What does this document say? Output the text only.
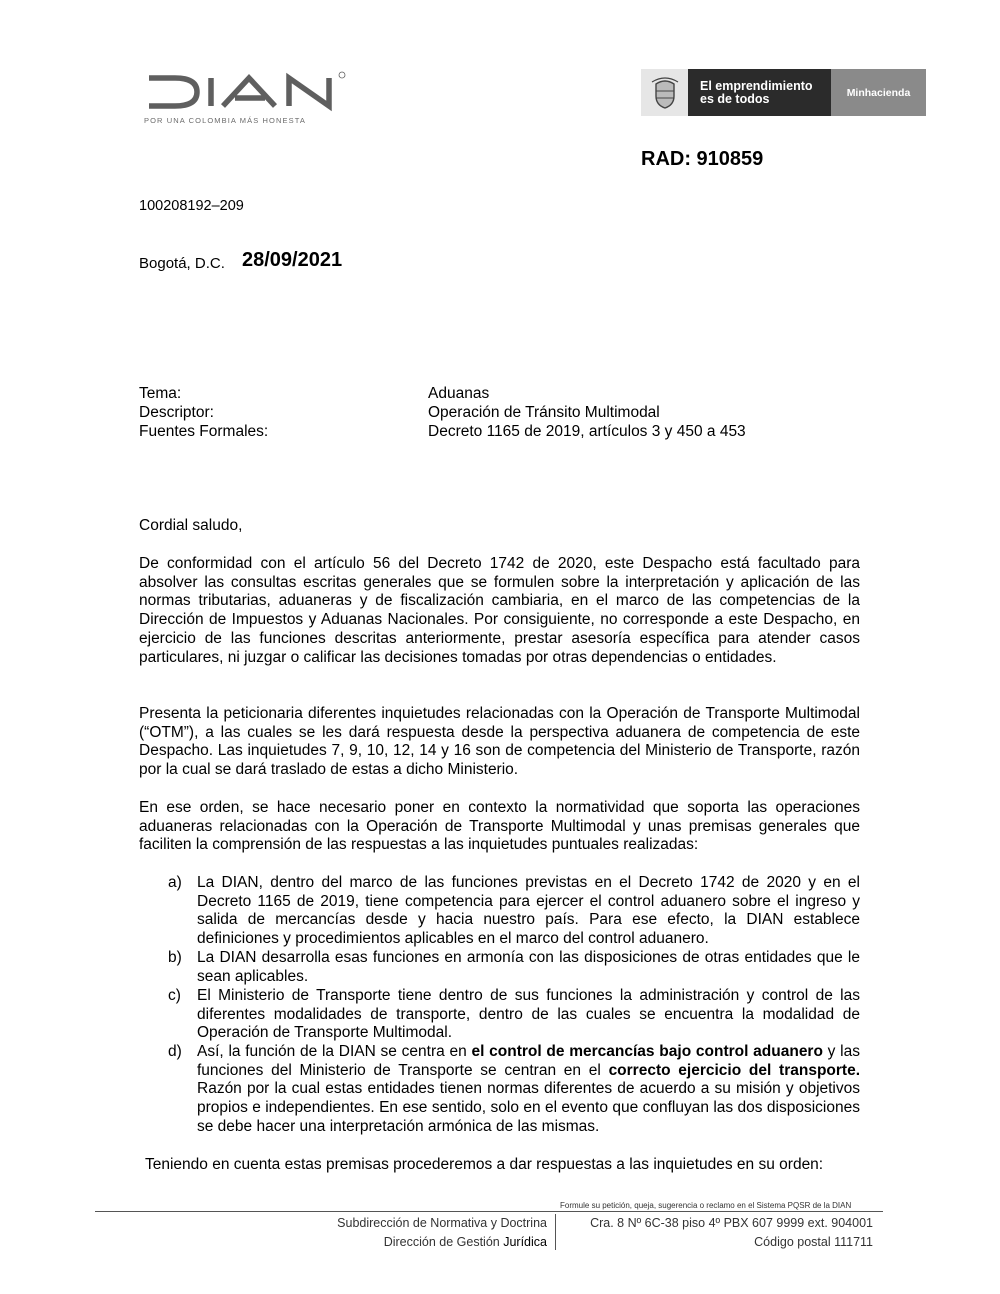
POR UNA COLOMBIA MÁS HONESTA
El emprendimiento
es de todos	Minhacienda
RAD: 910859
100208192–209
Bogotá, D.C. 28/09/2021
Tema:	Aduanas
Descriptor:	Operación de Tránsito Multimodal
Fuentes Formales:	Decreto 1165 de 2019, artículos 3 y 450 a 453
Cordial saludo,
De conformidad con el artículo 56 del Decreto 1742 de 2020, este Despacho está facultado para absolver las consultas escritas generales que se formulen sobre la interpretación y aplicación de las normas tributarias, aduaneras y de fiscalización cambiaria, en el marco de las competencias de la Dirección de Impuestos y Aduanas Nacionales. Por consiguiente, no corresponde a este Despacho, en ejercicio de las funciones descritas anteriormente, prestar asesoría específica para atender casos particulares, ni juzgar o calificar las decisiones tomadas por otras dependencias o entidades.
Presenta la peticionaria diferentes inquietudes relacionadas con la Operación de Transporte Multimodal (“OTM”), a las cuales se les dará respuesta desde la perspectiva aduanera de competencia de este Despacho. Las inquietudes 7, 9, 10, 12, 14 y 16 son de competencia del Ministerio de Transporte, razón por la cual se dará traslado de estas a dicho Ministerio.
En ese orden, se hace necesario poner en contexto la normatividad que soporta las operaciones aduaneras relacionadas con la Operación de Transporte Multimodal y unas premisas generales que faciliten la comprensión de las respuestas a las inquietudes puntuales realizadas:
a) La DIAN, dentro del marco de las funciones previstas en el Decreto 1742 de 2020 y en el Decreto 1165 de 2019, tiene competencia para ejercer el control aduanero sobre el ingreso y salida de mercancías desde y hacia nuestro país. Para ese efecto, la DIAN establece definiciones y procedimientos aplicables en el marco del control aduanero.
b) La DIAN desarrolla esas funciones en armonía con las disposiciones de otras entidades que le sean aplicables.
c) El Ministerio de Transporte tiene dentro de sus funciones la administración y control de las diferentes modalidades de transporte, dentro de las cuales se encuentra la modalidad de Operación de Transporte Multimodal.
d) Así, la función de la DIAN se centra en el control de mercancías bajo control aduanero y las funciones del Ministerio de Transporte se centran en el correcto ejercicio del transporte. Razón por la cual estas entidades tienen normas diferentes de acuerdo a su misión y objetivos propios e independientes. En ese sentido, solo en el evento que confluyan las dos disposiciones se debe hacer una interpretación armónica de las mismas.
Teniendo en cuenta estas premisas procederemos a dar respuestas a las inquietudes en su orden:
Formule su petición, queja, sugerencia o reclamo en el Sistema PQSR de la DIAN
Subdirección de Normativa y Doctrina
Dirección de Gestión Jurídica
Cra. 8 Nº 6C-38 piso 4º PBX 607 9999 ext. 904001
Código postal 111711
